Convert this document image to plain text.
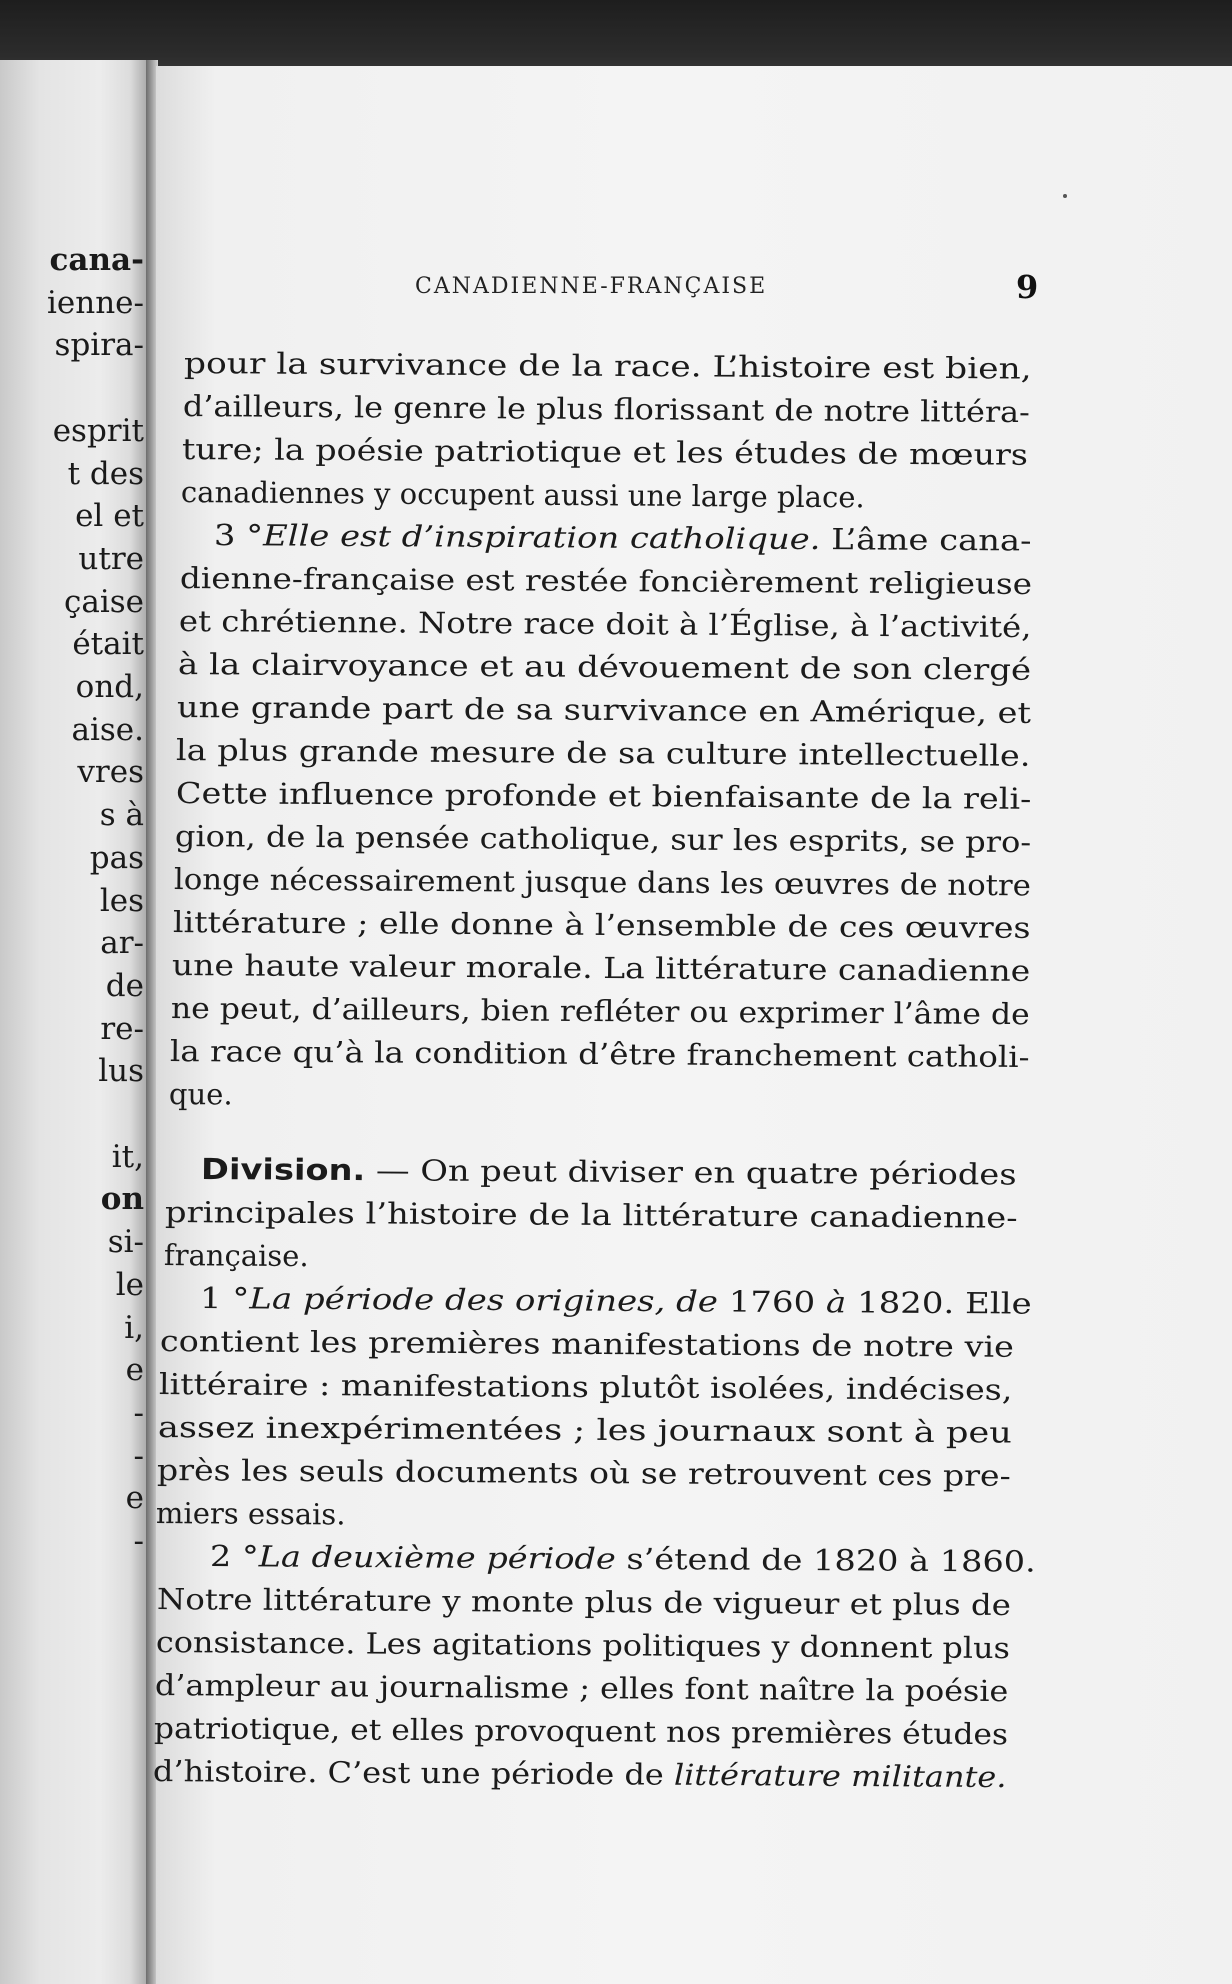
cana-
ienne-
spira-
esprit
t des
el et
utre
çaise
était
ond,
aise.
vres
s à
pas
les
ar-
de
re-
lus
it,
on
si-
le
i,
e
-
-
e
-
CANADIENNE-FRANÇAISE	9
pour la survivance de la race. L’histoire est bien,
d’ailleurs, le genre le plus florissant de notre littéra-
ture; la poésie patriotique et les études de mœurs
canadiennes y occupent aussi une large place.
3 °Elle est d’inspiration catholique. L’âme cana-
dienne-française est restée foncièrement religieuse
et chrétienne. Notre race doit à l’Église, à l’activité,
à la clairvoyance et au dévouement de son clergé
une grande part de sa survivance en Amérique, et
la plus grande mesure de sa culture intellectuelle.
Cette influence profonde et bienfaisante de la reli-
gion, de la pensée catholique, sur les esprits, se pro-
longe nécessairement jusque dans les œuvres de notre
littérature ; elle donne à l’ensemble de ces œuvres
une haute valeur morale. La littérature canadienne
ne peut, d’ailleurs, bien refléter ou exprimer l’âme de
la race qu’à la condition d’être franchement catholi-
que.
Division. — On peut diviser en quatre périodes
principales l’histoire de la littérature canadienne-
française.
1 °La période des origines, de 1760 à 1820. Elle
contient les premières manifestations de notre vie
littéraire : manifestations plutôt isolées, indécises,
assez inexpérimentées ; les journaux sont à peu
près les seuls documents où se retrouvent ces pre-
miers essais.
2 °La deuxième période s’étend de 1820 à 1860.
Notre littérature y monte plus de vigueur et plus de
consistance. Les agitations politiques y donnent plus
d’ampleur au journalisme ; elles font naître la poésie
patriotique, et elles provoquent nos premières études
d’histoire. C’est une période de littérature militante.
